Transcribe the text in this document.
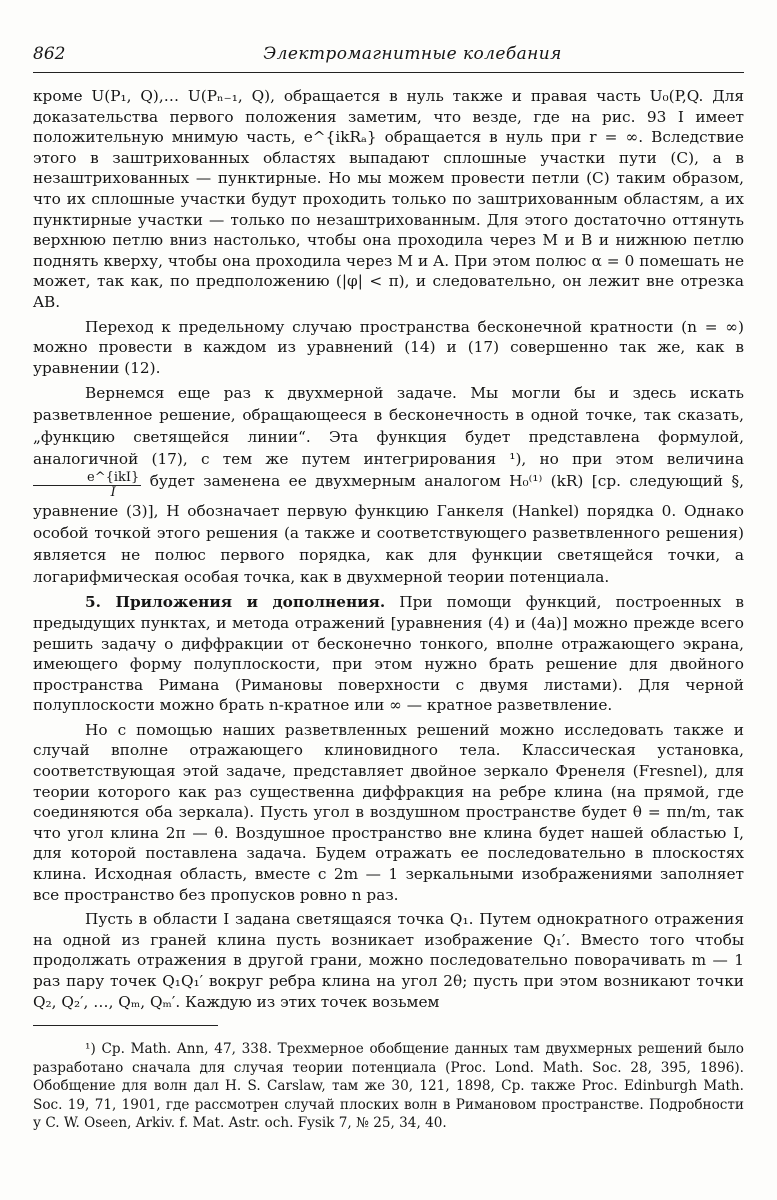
862	Электромагнитные колебания

кроме U(P₁, Q),… U(Pₙ₋₁, Q), обращается в нуль также и правая часть U₀(P,Q. Для доказательства первого положения заметим, что везде, где на рис. 93 I имеет положительную мнимую часть, e^{ikRₐ} обращается в нуль при r = ∞. Вследствие этого в заштрихованных областях выпадают сплошные участки пути (C), а в незаштрихованных — пунктирные. Но мы можем провести петли (C) таким образом, что их сплошные участки будут проходить только по заштрихованным областям, а их пунктирные участки — только по незаштрихованным. Для этого достаточно оттянуть верхнюю петлю вниз настолько, чтобы она проходила через M и B и нижнюю петлю поднять кверху, чтобы она проходила через M и A. При этом полюс α = 0 помешать не может, так как, по предположению (|φ| < π), и следовательно, он лежит вне отрезка AB.

Переход к предельному случаю пространства бесконечной кратности (n = ∞) можно провести в каждом из уравнений (14) и (17) совершенно так же, как в уравнении (12).

Вернемся еще раз к двухмерной задаче. Мы могли бы и здесь искать разветвленное решение, обращающееся в бесконечность в одной точке, так сказать, „функцию светящейся линии“. Эта функция будет представлена формулой, аналогичной (17), с тем же путем интегрирования ¹), но при этом величина
$\frac{\text{e\textasciicircum{}\{ikI\}}}{I}$ будет заменена ее двухмерным аналогом H₀⁽¹⁾ (kR) [ср. следующий §, уравнение (3)], H обозначает первую функцию Ганкеля (Hankel) порядка 0. Однако особой точкой этого решения (а также и соответствующего разветвленного решения) является не полюс первого порядка, как для функции светящейся точки, а логарифмическая особая точка, как в двухмерной теории потенциала.

5. Приложения и дополнения. При помощи функций, построенных в предыдущих пунктах, и метода отражений [уравнения (4) и (4a)] можно прежде всего решить задачу о диффракции от бесконечно тонкого, вполне отражающего экрана, имеющего форму полуплоскости, при этом нужно брать решение для двойного пространства Римана (Римановы поверхности с двумя листами). Для черной полуплоскости можно брать n-кратное или ∞ — кратное разветвление.

Но с помощью наших разветвленных решений можно исследовать также и случай вполне отражающего клиновидного тела. Классическая установка, соответствующая этой задаче, представляет двойное зеркало Френеля (Fresnel), для теории которого как раз существенна диффракция на ребре клина (на прямой, где соединяются оба зеркала). Пусть угол в воздушном пространстве будет θ = πn/m, так что угол клина 2π — θ. Воздушное пространство вне клина будет нашей областью I, для которой поставлена задача. Будем отражать ее последовательно в плоскостях клина. Исходная область, вместе с 2m — 1 зеркальными изображениями заполняет все пространство без пропусков ровно n раз.

Пусть в области I задана светящаяся точка Q₁. Путем однократного отражения на одной из граней клина пусть возникает изображение Q₁′. Вместо того чтобы продолжать отражения в другой грани, можно последовательно поворачивать m — 1 раз пару точек Q₁Q₁′ вокруг ребра клина на угол 2θ; пусть при этом возникают точки Q₂, Q₂′, …, Qₘ, Qₘ′. Каждую из этих точек возьмем

¹) Ср. Math. Ann, 47, 338. Трехмерное обобщение данных там двухмерных решений было разработано сначала для случая теории потенциала (Proc. Lond. Math. Soc. 28, 395, 1896). Обобщение для волн дал H. S. Carslaw, там же 30, 121, 1898, Ср. также Proc. Edinburgh Math. Soc. 19, 71, 1901, где рассмотрен случай плоских волн в Римановом пространстве. Подробности у C. W. Oseen, Arkiv. f. Mat. Astr. och. Fysik 7, № 25, 34, 40.
